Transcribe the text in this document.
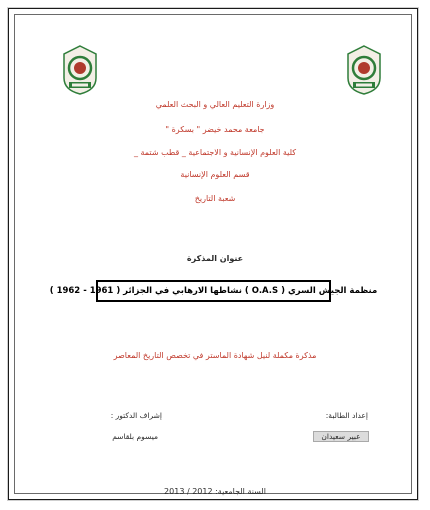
وزارة التعليم العالي و البحث العلمي
جامعة محمد خيضر " بسكرة "
كلية العلوم الإنسانية و الاجتماعية _ قطب شتمة _
قسم العلوم الإنسانية
شعبة التاريخ
عنوان المذكرة
منظمة الجيش السري ( O.A.S ) نشاطها الارهابي في الجزائر ( 1961 - 1962 )
مذكرة مكملة لنيل شهادة الماستر في تخصص التاريخ المعاصر
إعداد الطالبة:
عبير سعيدان
إشراف الدكتور :
ميسوم بلقاسم
السنة الجامعية: 2012 / 2013
